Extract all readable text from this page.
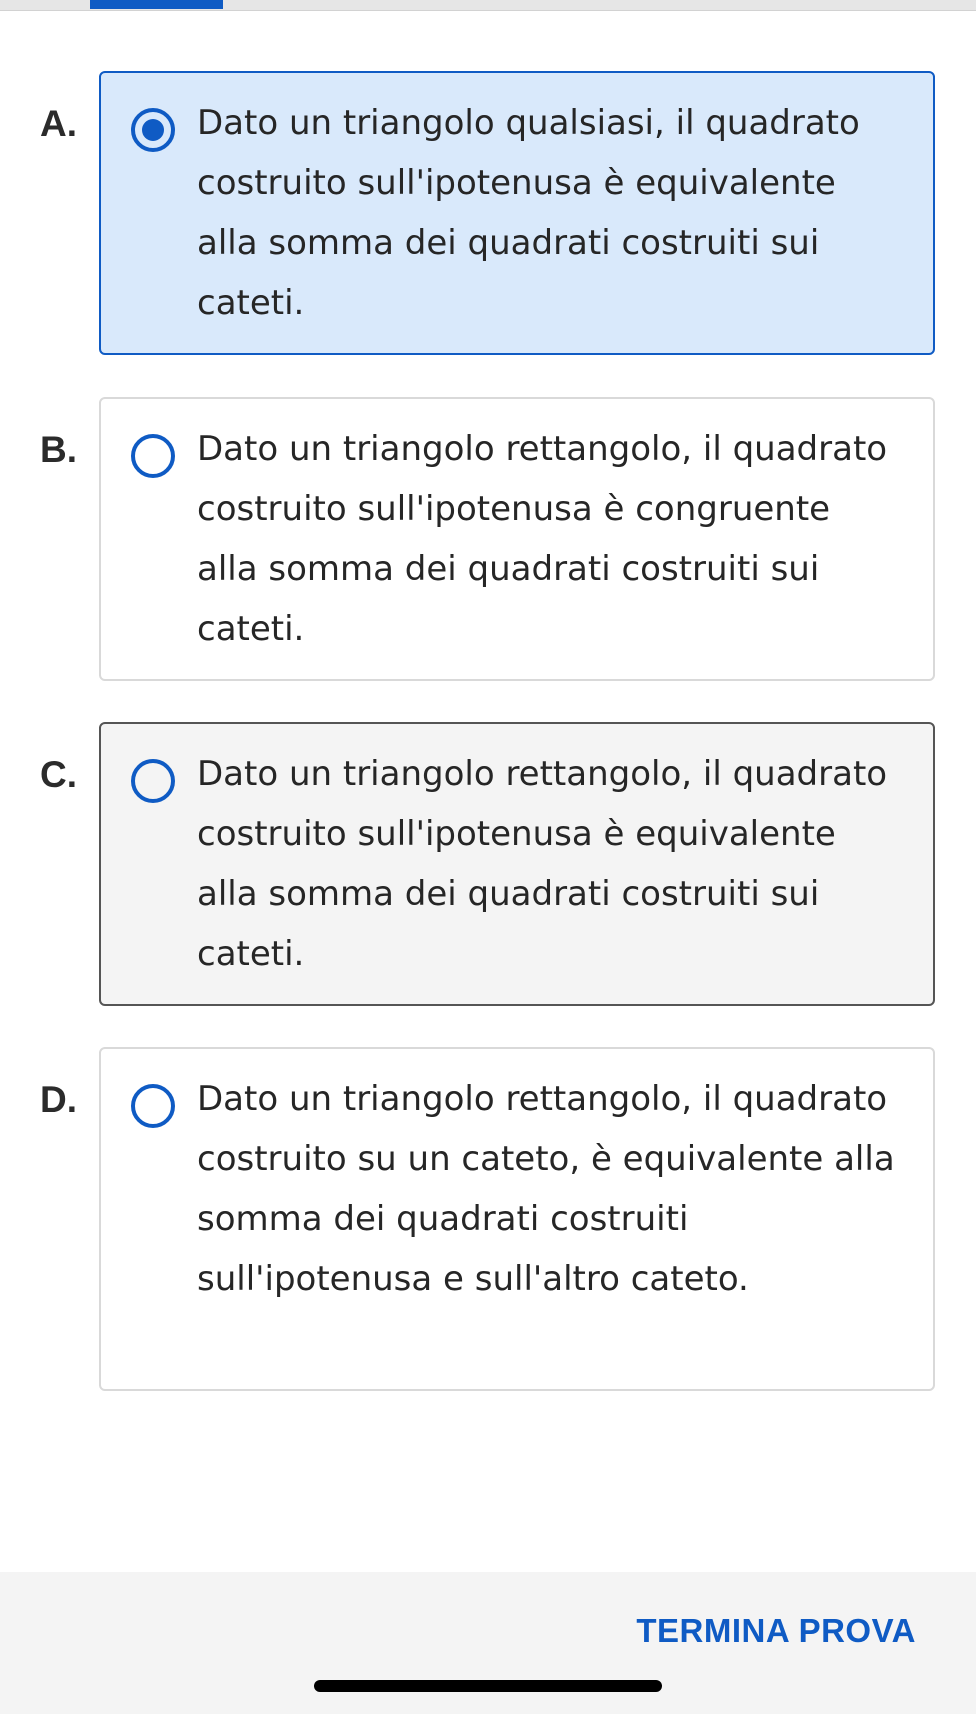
A.	Dato un triangolo qualsiasi, il quadrato costruito sull'ipotenusa è equivalente alla somma dei quadrati costruiti sui cateti.
B.	Dato un triangolo rettangolo, il quadrato costruito sull'ipotenusa è congruente alla somma dei quadrati costruiti sui cateti.
C.	Dato un triangolo rettangolo, il quadrato costruito sull'ipotenusa è equivalente alla somma dei quadrati costruiti sui cateti.
D.	Dato un triangolo rettangolo, il quadrato costruito su un cateto, è equivalente alla somma dei quadrati costruiti sull'ipotenusa e sull'altro cateto.
TERMINA PROVA
